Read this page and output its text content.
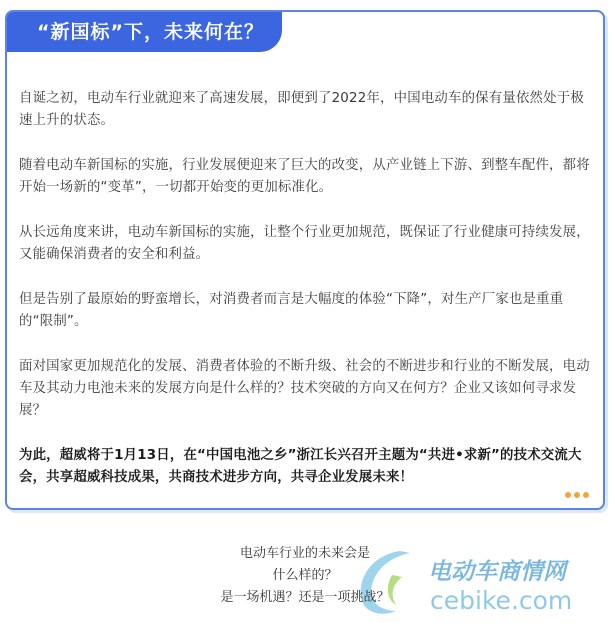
“新国标”下，未来何在？

自诞之初，电动车行业就迎来了高速发展，即便到了2022年，中国电动车的保有量依然处于极速上升的状态。

随着电动车新国标的实施，行业发展便迎来了巨大的改变，从产业链上下游、到整车配件，都将开始一场新的“变革”，一切都开始变的更加标准化。

从长远角度来讲，电动车新国标的实施，让整个行业更加规范，既保证了行业健康可持续发展，又能确保消费者的安全和利益。

但是告别了最原始的野蛮增长，对消费者而言是大幅度的体验“下降”，对生产厂家也是重重的“限制”。

面对国家更加规范化的发展、消费者体验的不断升级、社会的不断进步和行业的不断发展，电动车及其动力电池未来的发展方向是什么样的？技术突破的方向又在何方？企业又该如何寻求发展？

为此，超威将于1月13日，在“中国电池之乡”浙江长兴召开主题为“共进•求新”的技术交流大会，共享超威科技成果，共商技术进步方向，共寻企业发展未来！

电动车商情网
cebike.com
电动车行业的未来会是
什么样的？
是一场机遇？还是一项挑战？
